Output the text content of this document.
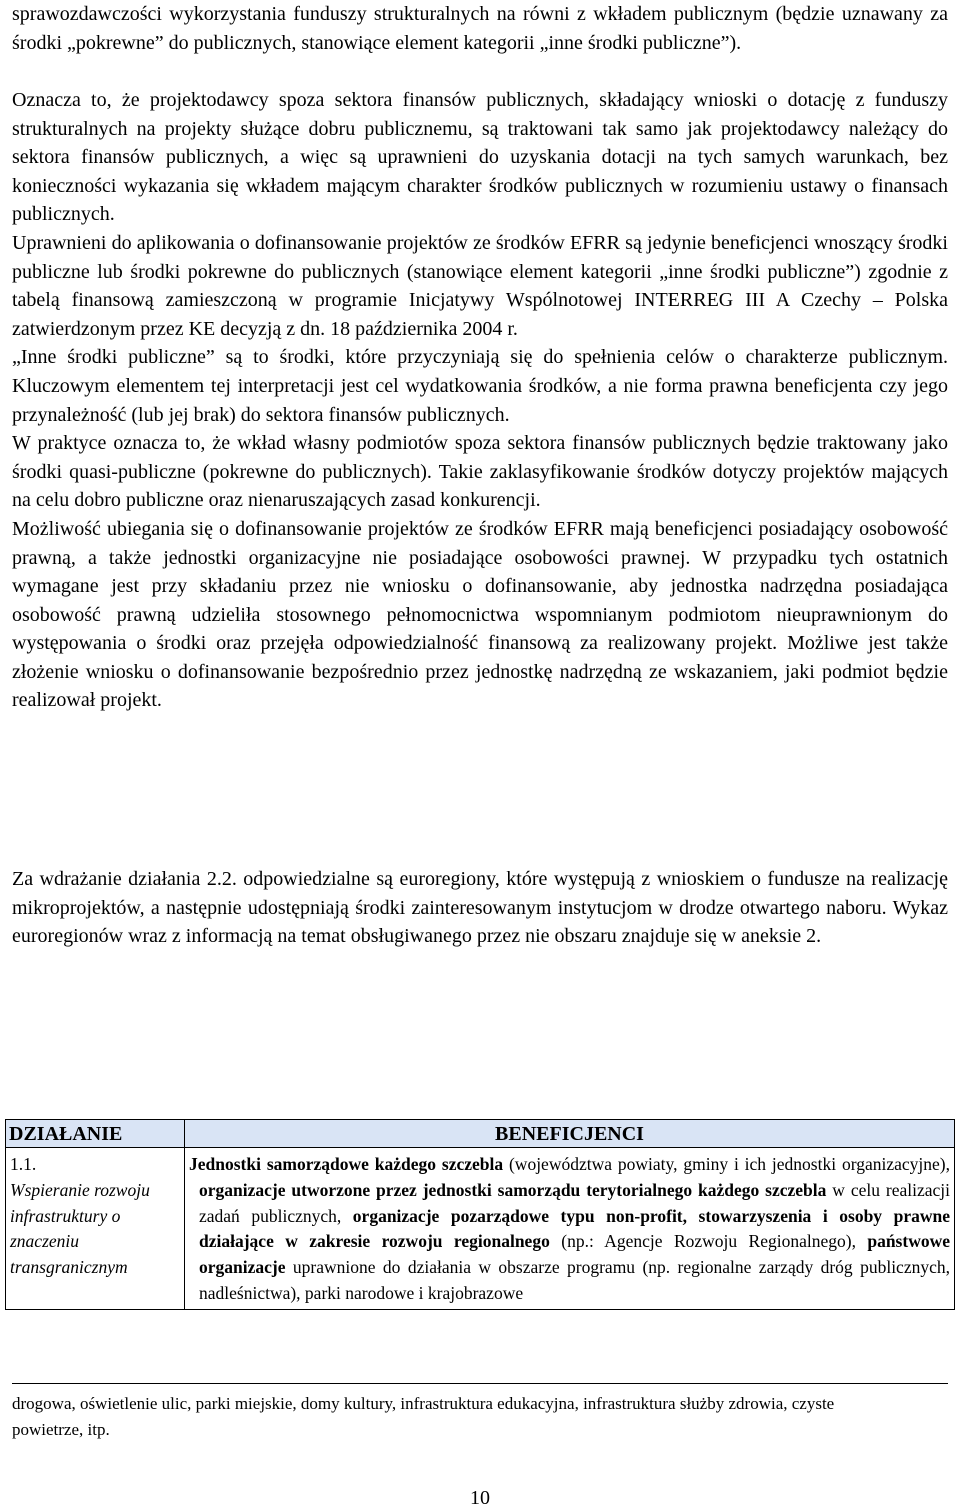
sprawozdawczości wykorzystania funduszy strukturalnych na równi z wkładem publicznym (będzie uznawany za środki „pokrewne” do publicznych, stanowiące element kategorii „inne środki publiczne”).

Oznacza to, że projektodawcy spoza sektora finansów publicznych, składający wnioski o dotację z funduszy strukturalnych na projekty służące dobru publicznemu, są traktowani tak samo jak projektodawcy należący do sektora finansów publicznych, a więc są uprawnieni do uzyskania dotacji na tych samych warunkach, bez konieczności wykazania się wkładem mającym charakter środków publicznych w rozumieniu ustawy o finansach publicznych.

Uprawnieni do aplikowania o dofinansowanie projektów ze środków EFRR są jedynie beneficjenci wnoszący środki publiczne lub środki pokrewne do publicznych (stanowiące element kategorii „inne środki publiczne”) zgodnie z tabelą finansową zamieszczoną w programie Inicjatywy Wspólnotowej INTERREG III A Czechy – Polska zatwierdzonym przez KE decyzją z dn. 18 października 2004 r.

„Inne środki publiczne” są to środki, które przyczyniają się do spełnienia celów o charakterze publicznym. Kluczowym elementem tej interpretacji jest cel wydatkowania środków, a nie forma prawna beneficjenta czy jego przynależność (lub jej brak) do sektora finansów publicznych.

W praktyce oznacza to, że wkład własny podmiotów spoza sektora finansów publicznych będzie traktowany jako środki quasi-publiczne (pokrewne do publicznych). Takie zaklasyfikowanie środków dotyczy projektów mających na celu dobro publiczne oraz nienaruszających zasad konkurencji.

Możliwość ubiegania się o dofinansowanie projektów ze środków EFRR mają beneficjenci posiadający osobowość prawną, a także jednostki organizacyjne nie posiadające osobowości prawnej. W przypadku tych ostatnich wymagane jest przy składaniu przez nie wniosku o dofinansowanie, aby jednostka nadrzędna posiadająca osobowość prawną udzieliła stosownego pełnomocnictwa wspomnianym podmiotom nieuprawnionym do występowania o środki oraz przejęła odpowiedzialność finansową za realizowany projekt. Możliwe jest także złożenie wniosku o dofinansowanie bezpośrednio przez jednostkę nadrzędną ze wskazaniem, jaki podmiot będzie realizował projekt.

Za wdrażanie działania 2.2. odpowiedzialne są euroregiony, które występują z wnioskiem o fundusze na realizację mikroprojektów, a następnie udostępniają środki zainteresowanym instytucjom w drodze otwartego naboru. Wykaz euroregionów wraz z informacją na temat obsługiwanego przez nie obszaru znajduje się w aneksie 2.

DZIAŁANIE	BENEFICJENCI

1.1.
Wspieranie rozwoju infrastruktury o znaczeniu transgranicznym	Jednostki samorządowe każdego szczebla (województwa powiaty, gminy i ich jednostki organizacyjne), organizacje utworzone przez jednostki samorządu terytorialnego każdego szczebla w celu realizacji zadań publicznych, organizacje pozarządowe typu non-profit, stowarzyszenia i osoby prawne działające w zakresie rozwoju regionalnego (np.: Agencje Rozwoju Regionalnego), państwowe organizacje uprawnione do działania w obszarze programu (np. regionalne zarządy dróg publicznych, nadleśnictwa), parki narodowe i krajobrazowe
drogowa, oświetlenie ulic, parki miejskie, domy kultury, infrastruktura edukacyjna, infrastruktura służby zdrowia, czyste powietrze, itp.
10
